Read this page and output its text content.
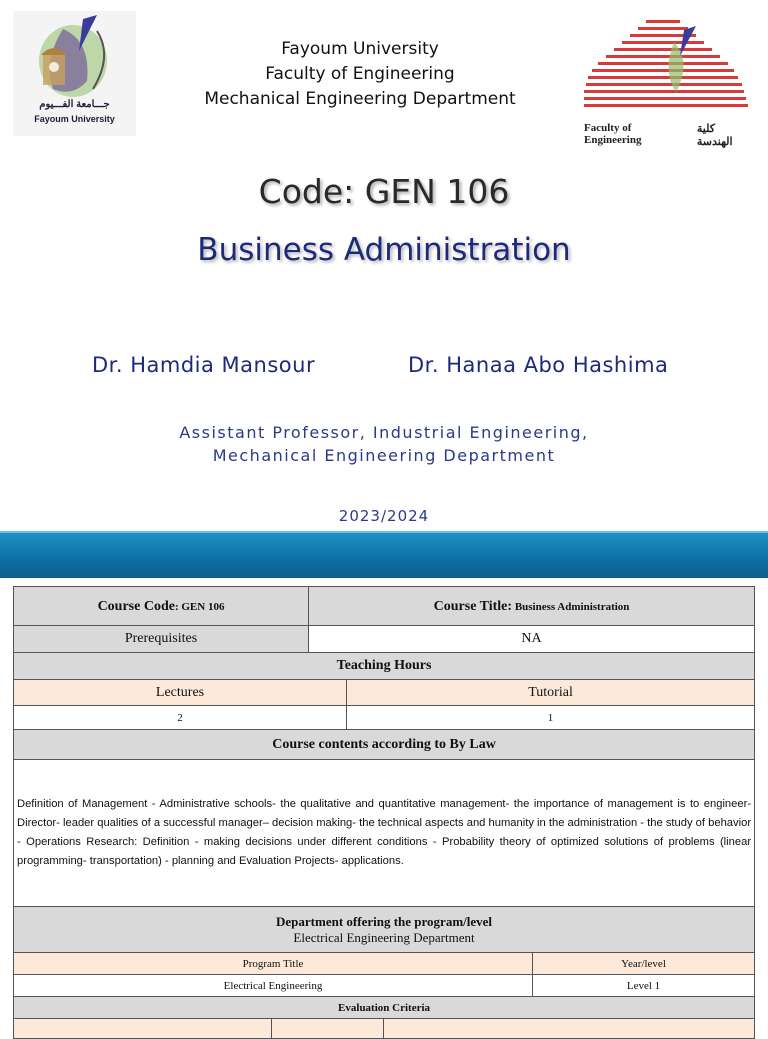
جـــامعة الفـــيوم
Fayoum University
Fayoum University
Faculty of Engineering
Mechanical Engineering Department
Faculty of Engineering
كلية الهندسة
Code: GEN 106
Business Administration
Dr. Hamdia Mansour	Dr. Hanaa Abo Hashima
Assistant Professor, Industrial Engineering,
Mechanical Engineering Department
2023/2024
Course Code: GEN 106		Course Title: Business Administration			
Prerequisites		NA			
Teaching Hours					
Lectures			Tutorial		
2			1		
Course contents according to By Law					
Definition of Management - Administrative schools- the qualitative and quantitative management- the importance of management is to engineer- Director- leader qualities of a successful manager– decision making- the technical aspects and humanity in the administration - the study of behavior - Operations Research: Definition - making decisions under different conditions - Probability theory of optimized solutions of problems (linear programming- transportation) - planning and Evaluation Projects- applications.					

Department offering the program/level
Electrical Engineering Department					

Program Title					Year/level
Electrical Engineering					Level 1
Evaluation Criteria					
